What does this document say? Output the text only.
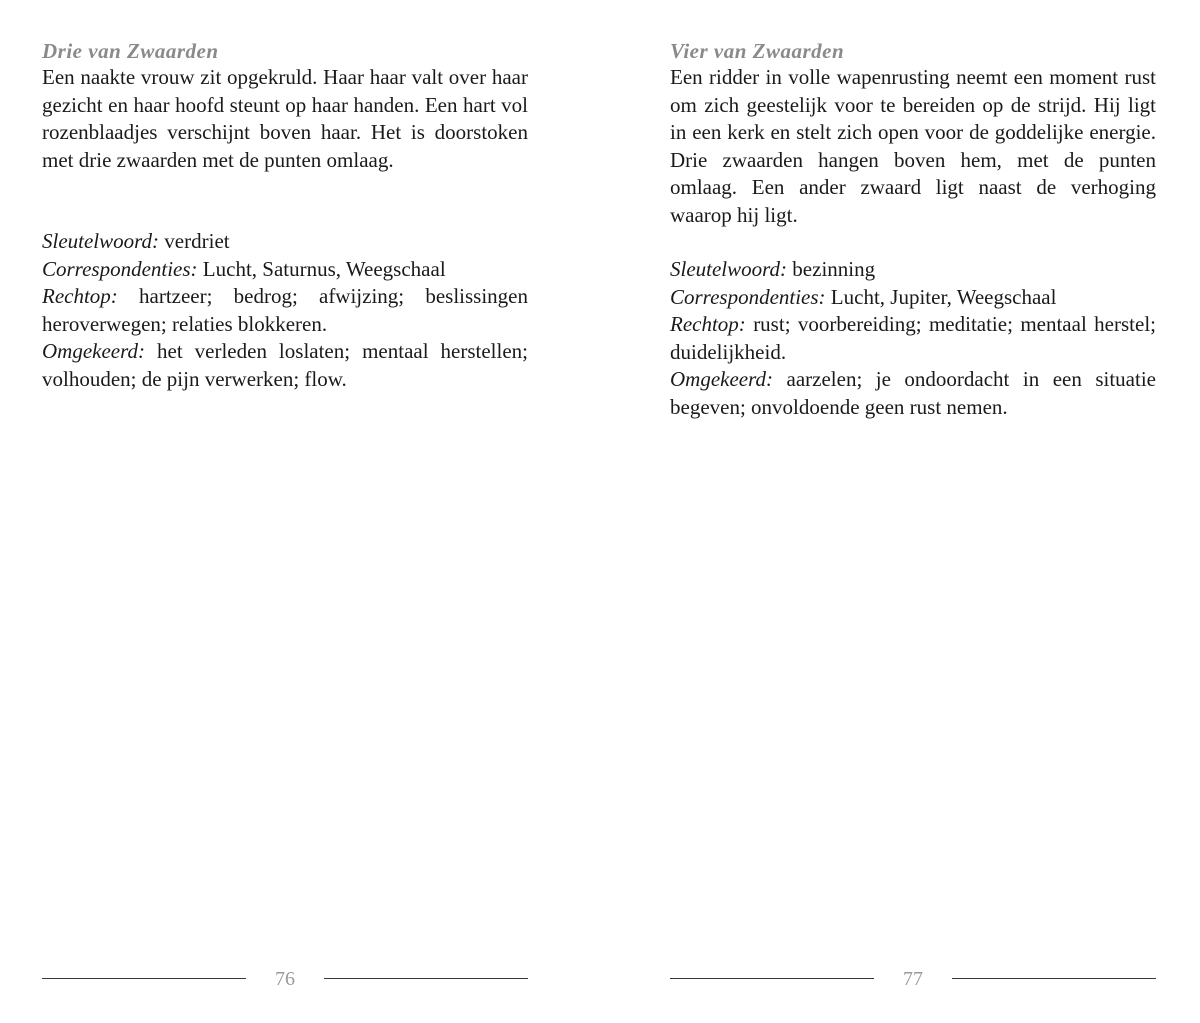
Drie van Zwaarden

Een naakte vrouw zit opgekruld. Haar haar valt over haar gezicht en haar hoofd steunt op haar handen. Een hart vol rozenblaadjes verschijnt boven haar. Het is doorstoken met drie zwaarden met de punten omlaag.

Sleutelwoord: verdriet

Correspondenties: Lucht, Saturnus, Weegschaal

Rechtop: hartzeer; bedrog; afwijzing; beslissingen heroverwegen; relaties blokkeren.

Omgekeerd: het verleden loslaten; mentaal herstellen; volhouden; de pijn verwerken; flow.

76
Vier van Zwaarden

Een ridder in volle wapenrusting neemt een moment rust om zich geestelijk voor te bereiden op de strijd. Hij ligt in een kerk en stelt zich open voor de goddelijke energie. Drie zwaarden hangen boven hem, met de punten omlaag. Een ander zwaard ligt naast de verhoging waarop hij ligt.

Sleutelwoord: bezinning

Correspondenties: Lucht, Jupiter, Weegschaal

Rechtop: rust; voorbereiding; meditatie; mentaal herstel; duidelijkheid.

Omgekeerd: aarzelen; je ondoordacht in een situatie begeven; onvoldoende geen rust nemen.

77
